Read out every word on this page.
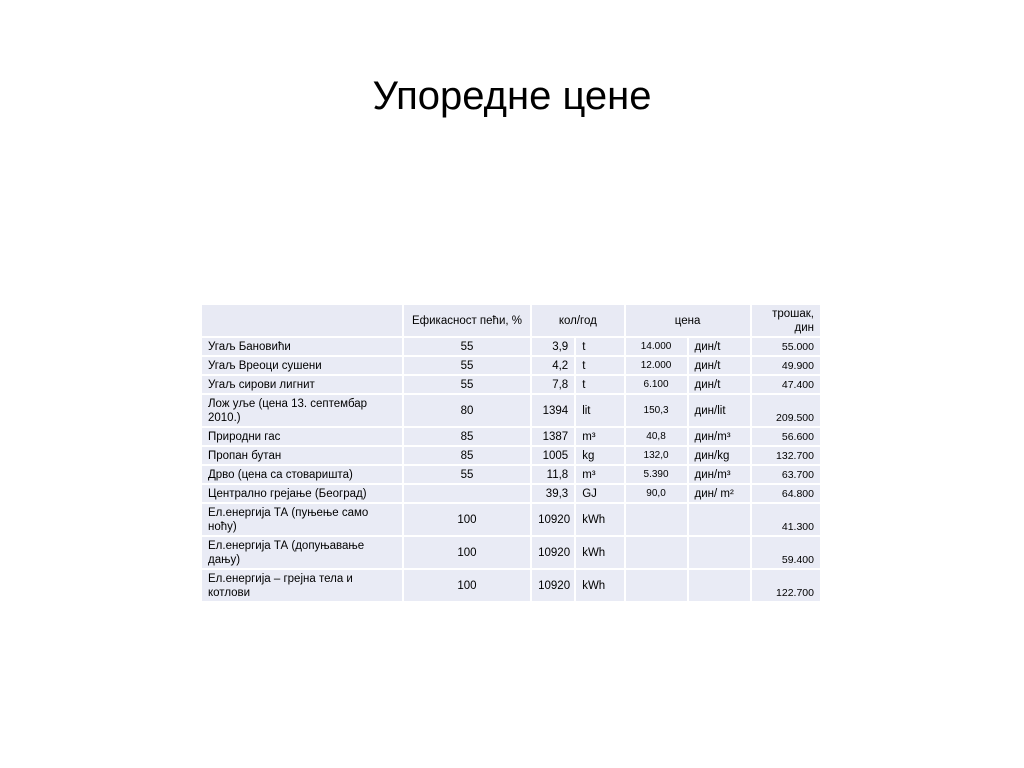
Упоредне цене
	Ефикасност пећи, %	кол/год		цена		трошак, дин
Угаљ Бановићи	55	3,9	t	14.000	дин/t	55.000
Угаљ Вреоци сушени	55	4,2	t	12.000	дин/t	49.900
Угаљ сирови лигнит	55	7,8	t	6.100	дин/t	47.400
Лож уље (цена 13. септембар 2010.)	80	1394	lit	150,3	дин/lit	209.500
Природни гас	85	1387	m³	40,8	дин/m³	56.600
Пропан бутан	85	1005	kg	132,0	дин/kg	132.700
Дрво (цена са стоваришта)	55	11,8	m³	5.390	дин/m³	63.700
Централно грејање (Београд)		39,3	GJ	90,0	дин/ m²	64.800
Ел.енергија ТА (пуњење само ноћу)	100	10920	kWh			41.300
Ел.енергија ТА (допуњавање дању)	100	10920	kWh			59.400
Ел.енергија – грејна тела и котлови	100	10920	kWh			122.700
